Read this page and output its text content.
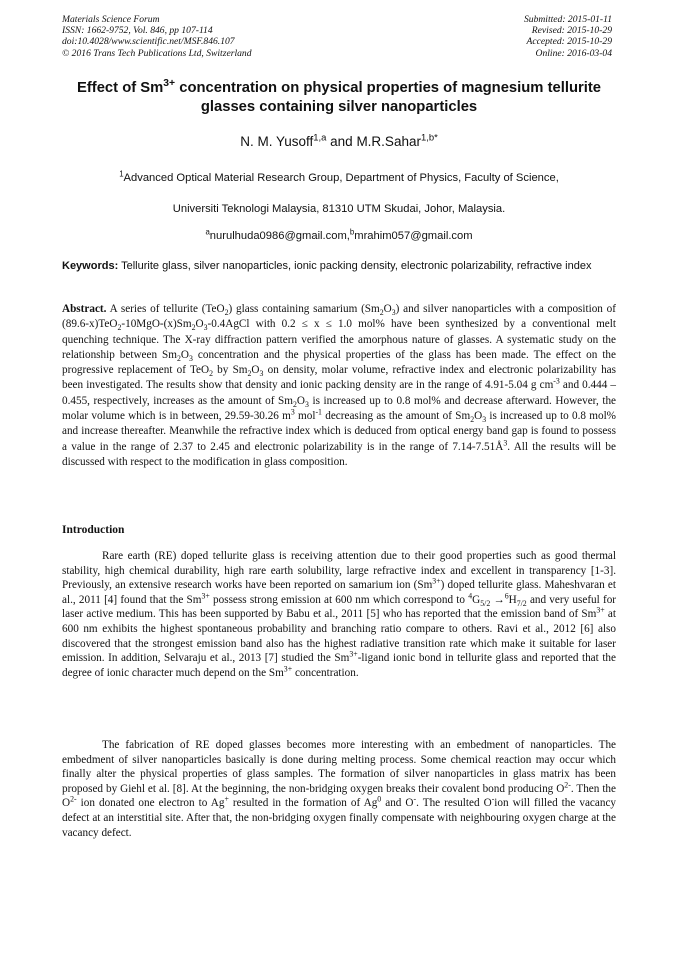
Materials Science Forum
ISSN: 1662-9752, Vol. 846, pp 107-114
doi:10.4028/www.scientific.net/MSF.846.107
© 2016 Trans Tech Publications Ltd, Switzerland
Submitted: 2015-01-11
Revised: 2015-10-29
Accepted: 2015-10-29
Online: 2016-03-04
Effect of $Sm^{3+}$ concentration on physical properties of magnesium tellurite glasses containing silver nanoparticles
N. M. Yusoff$^{1,a}$ and M.R.Sahar$^{1,b*}$
$^1$Advanced Optical Material Research Group, Department of Physics, Faculty of Science,
Universiti Teknologi Malaysia, 81310 UTM Skudai, Johor, Malaysia.
$^a$nurulhuda0986@gmail.com,$^b$mrahim057@gmail.com
Keywords: Tellurite glass, silver nanoparticles, ionic packing density, electronic polarizability, refractive index
Abstract. A series of tellurite (TeO$_2$) glass containing samarium $(Sm_2O_3)$ and silver nanoparticles with a composition of $(89.6-x)TeO_2-10MgO-(x)Sm_2O_3-0.4AgCl$ with 0.2 ≤ x ≤ 1.0 mol% have been synthesized by a conventional melt quenching technique. The X-ray diffraction pattern verified the amorphous nature of glasses. A systematic study on the relationship between $Sm_2O_3$ concentration and the physical properties of the glass has been made. The effect on the progressive replacement of TeO$_2$ by $Sm_2O_3$ on density, molar volume, refractive index and electronic polarizability has been investigated. The results show that density and ionic packing density are in the range of 4.91-5.04 g $cm^{-3}$ and 0.444 – 0.455, respectively, increases as the amount of $Sm_2O_3$ is increased up to 0.8 mol% and decrease afterward. However, the molar volume which is in between, 29.59-30.26 $m^3$ mol$^{-1}$ decreasing as the amount of $Sm_2O_3$ is increased up to 0.8 mol% and increase thereafter. Meanwhile the refractive index which is deduced from optical energy band gap is found to possess a value in the range of 2.37 to 2.45 and electronic polarizability is in the range of $7.14-7.51Å^3$. All the results will be discussed with respect to the modification in glass composition.
Introduction
Rare earth (RE) doped tellurite glass is receiving attention due to their good properties such as good thermal stability, high chemical durability, high rare earth solubility, large refractive index and excellent in transparency [1-3]. Previously, an extensive research works have been reported on samarium ion $(Sm^{3+})$ doped tellurite glass. Maheshvaran et al., 2011 [4] found that the $Sm^{3+}$ possess strong emission at 600 nm which correspond to $^4G_{5/2} \to^6H_{7/2}$ and very useful for laser active medium. This has been supported by Babu et al., 2011 [5] who has reported that the emission band of $Sm^{3+}$ at 600 nm exhibits the highest spontaneous probability and branching ratio compare to others. Ravi et al., 2012 [6] also discovered that the strongest emission band also has the highest radiative transition rate which make it suitable for laser emission. In addition, Selvaraju et al., 2013 [7] studied the $Sm^{3+}$-ligand ionic bond in tellurite glass and reported that the degree of ionic character much depend on the $Sm^{3+}$ concentration.
The fabrication of RE doped glasses becomes more interesting with an embedment of nanoparticles. The embedment of silver nanoparticles basically is done during melting process. Some chemical reaction may occur which finally alter the physical properties of glass samples. The formation of silver nanoparticles in glass matrix has been proposed by Giehl et al. [8]. At the beginning, the non-bridging oxygen breaks their covalent bond producing $O^{2-}$. Then the $O^{2-}$ ion donated one electron to Ag+ resulted in the formation of Ag$^0$ and O-. The resulted O-ion will filled the vacancy defect at an interstitial site. After that, the non-bridging oxygen finally compensate with neighbouring oxygen charge at the vacancy defect.
